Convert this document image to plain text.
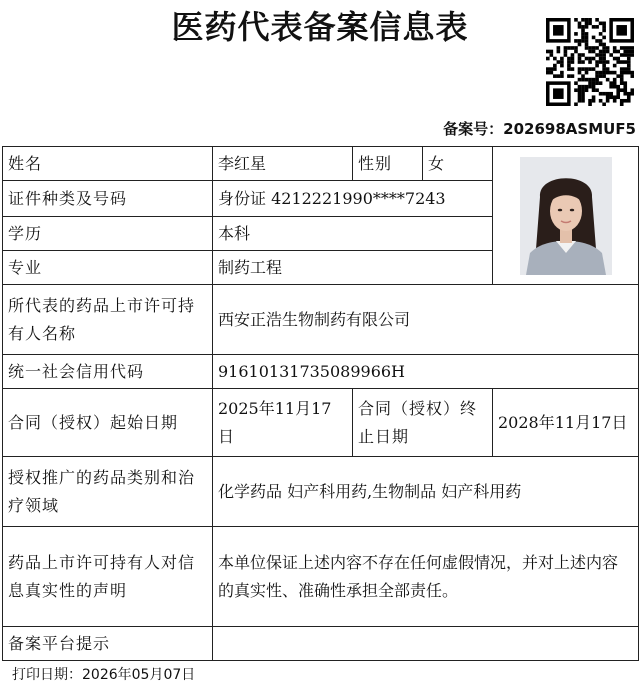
医药代表备案信息表
备案号：202698ASMUF5
姓名	李红星	性别	女	

证件种类及号码	身份证 4212221990****7243			
学历	本科			
专业	制药工程			
所代表的药品上市许可持有人名称	西安正浩生物制药有限公司			
统一社会信用代码	91610131735089966H			
合同（授权）起始日期	2025年11月17日	合同（授权）终止日期		2028年11月17日
授权推广的药品类别和治疗领域	化学药品 妇产科用药,生物制品 妇产科用药			
药品上市许可持有人对信息真实性的声明	本单位保证上述内容不存在任何虚假情况，并对上述内容的真实性、准确性承担全部责任。			
备案平台提示				
打印日期：2026年05月07日
